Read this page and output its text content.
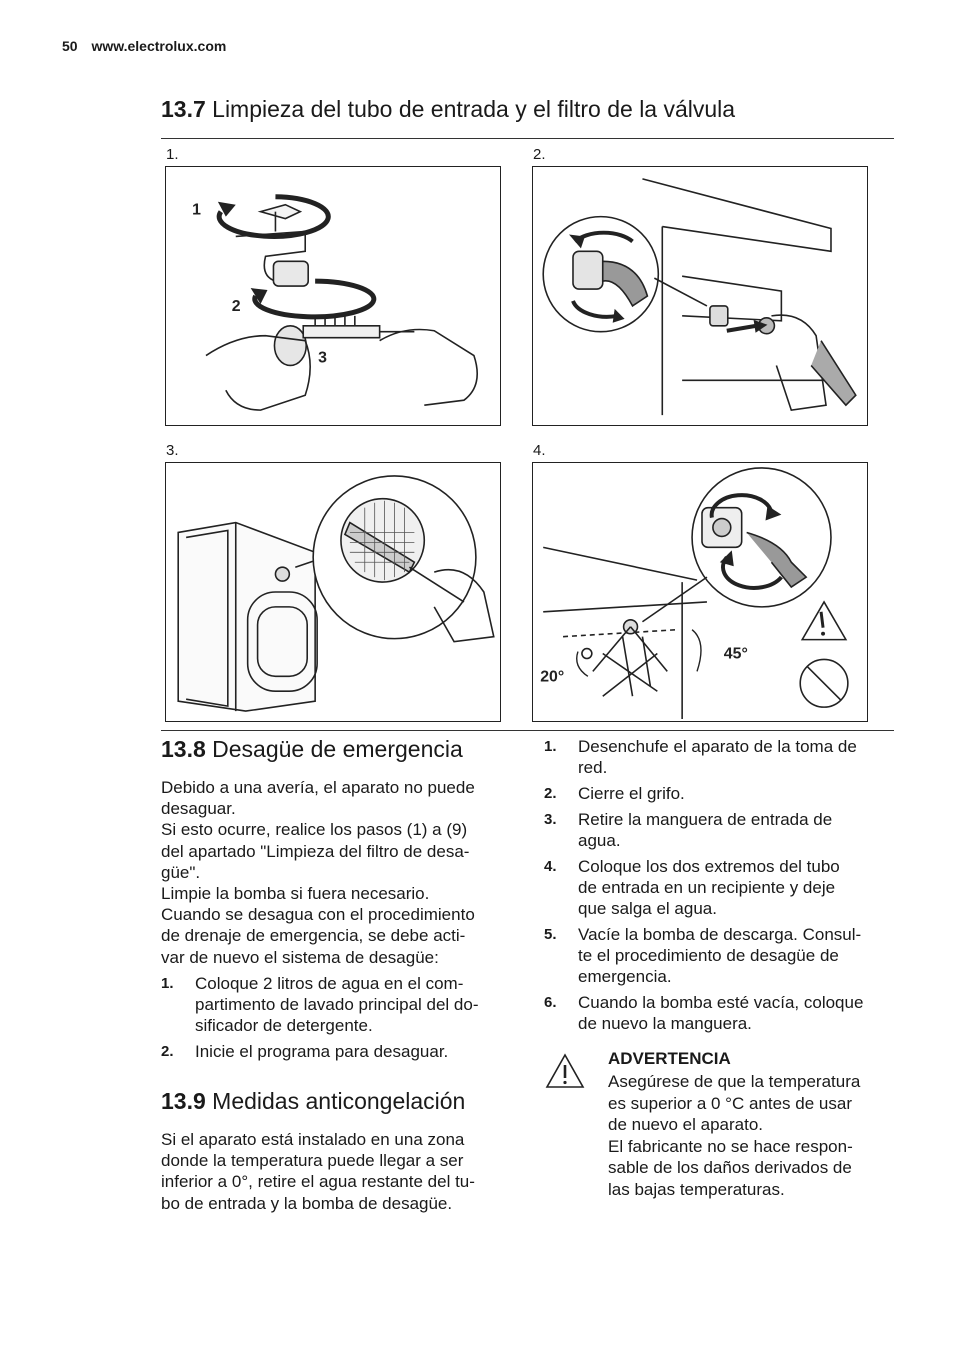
50 www.electrolux.com
13.7 Limpieza del tubo de entrada y el filtro de la válvula
1.	2.
3.	4.
1
2
3
45°
20°
13.8 Desagüe de emergencia

Debido a una avería, el aparato no puede

desaguar.

Si esto ocurre, realice los pasos (1) a (9)

del apartado "Limpieza del filtro de desa-

güe".

Limpie la bomba si fuera necesario.

Cuando se desagua con el procedimiento

de drenaje de emergencia, se debe acti-

var de nuevo el sistema de desagüe:

1. Coloque 2 litros de agua en el com-
partimento de lavado principal del do-
sificador de detergente.
2. Inicie el programa para desaguar.
13.9 Medidas anticongelación

Si el aparato está instalado en una zona

donde la temperatura puede llegar a ser

inferior a 0°, retire el agua restante del tu-

bo de entrada y la bomba de desagüe.

1. Desenchufe el aparato de la toma de
red.
2. Cierre el grifo.
3. Retire la manguera de entrada de
agua.
4. Coloque los dos extremos del tubo
de entrada en un recipiente y deje
que salga el agua.
5. Vacíe la bomba de descarga. Consul-
te el procedimiento de desagüe de
emergencia.
6. Cuando la bomba esté vacía, coloque
de nuevo la manguera.
ADVERTENCIA
Asegúrese de que la temperatura
es superior a 0 °C antes de usar
de nuevo el aparato.
El fabricante no se hace respon-
sable de los daños derivados de
las bajas temperaturas.
